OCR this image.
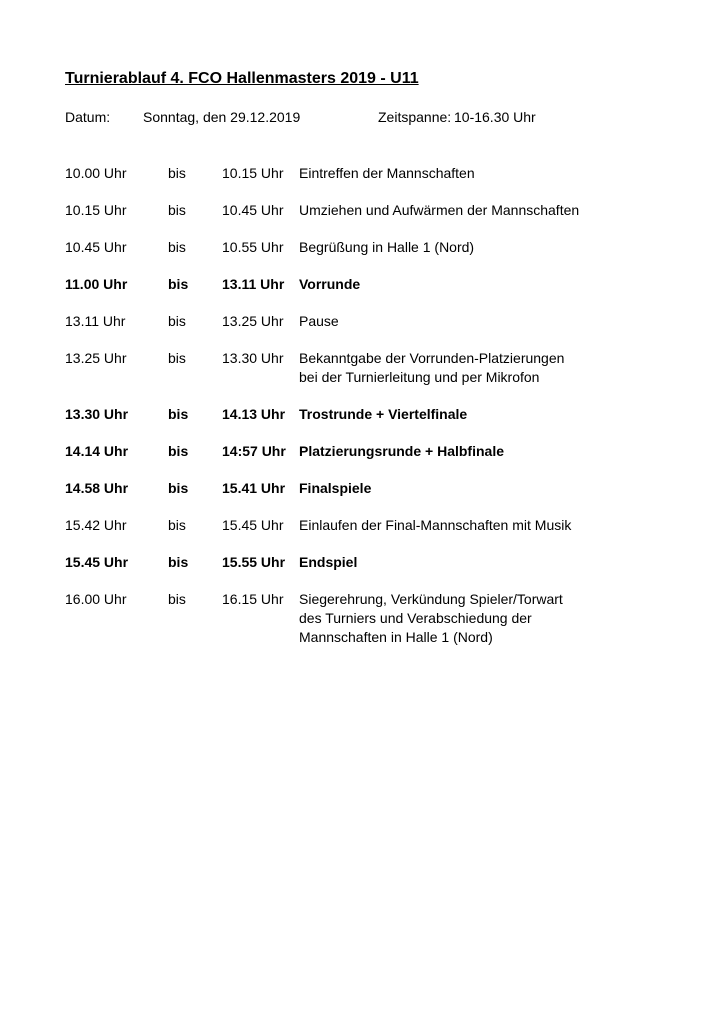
Turnierablauf 4. FCO Hallenmasters 2019 - U11
Datum: Sonntag, den 29.12.2019	Zeitspanne: 10-16.30 Uhr
10.00 Uhr	bis	10.15 Uhr Eintreffen der Mannschaften
10.15 Uhr	bis	10.45 Uhr Umziehen und Aufwärmen der Mannschaften
10.45 Uhr	bis	10.55 Uhr Begrüßung in Halle 1 (Nord)
11.00 Uhr	bis 13.11 Uhr Vorrunde
13.11 Uhr	bis	13.25 Uhr Pause
13.25 Uhr	bis	13.30 Uhr Bekanntgabe der Vorrunden-Platzierungen
bei der Turnierleitung und per Mikrofon
13.30 Uhr	bis 14.13 Uhr Trostrunde + Viertelfinale
14.14 Uhr	bis 14:57 Uhr Platzierungsrunde + Halbfinale
14.58 Uhr	bis 15.41 Uhr Finalspiele
15.42 Uhr	bis	15.45 Uhr Einlaufen der Final-Mannschaften mit Musik
15.45 Uhr	bis 15.55 Uhr Endspiel
16.00 Uhr	bis	16.15 Uhr Siegerehrung, Verkündung Spieler/Torwart
des Turniers und Verabschiedung der
Mannschaften in Halle 1 (Nord)
